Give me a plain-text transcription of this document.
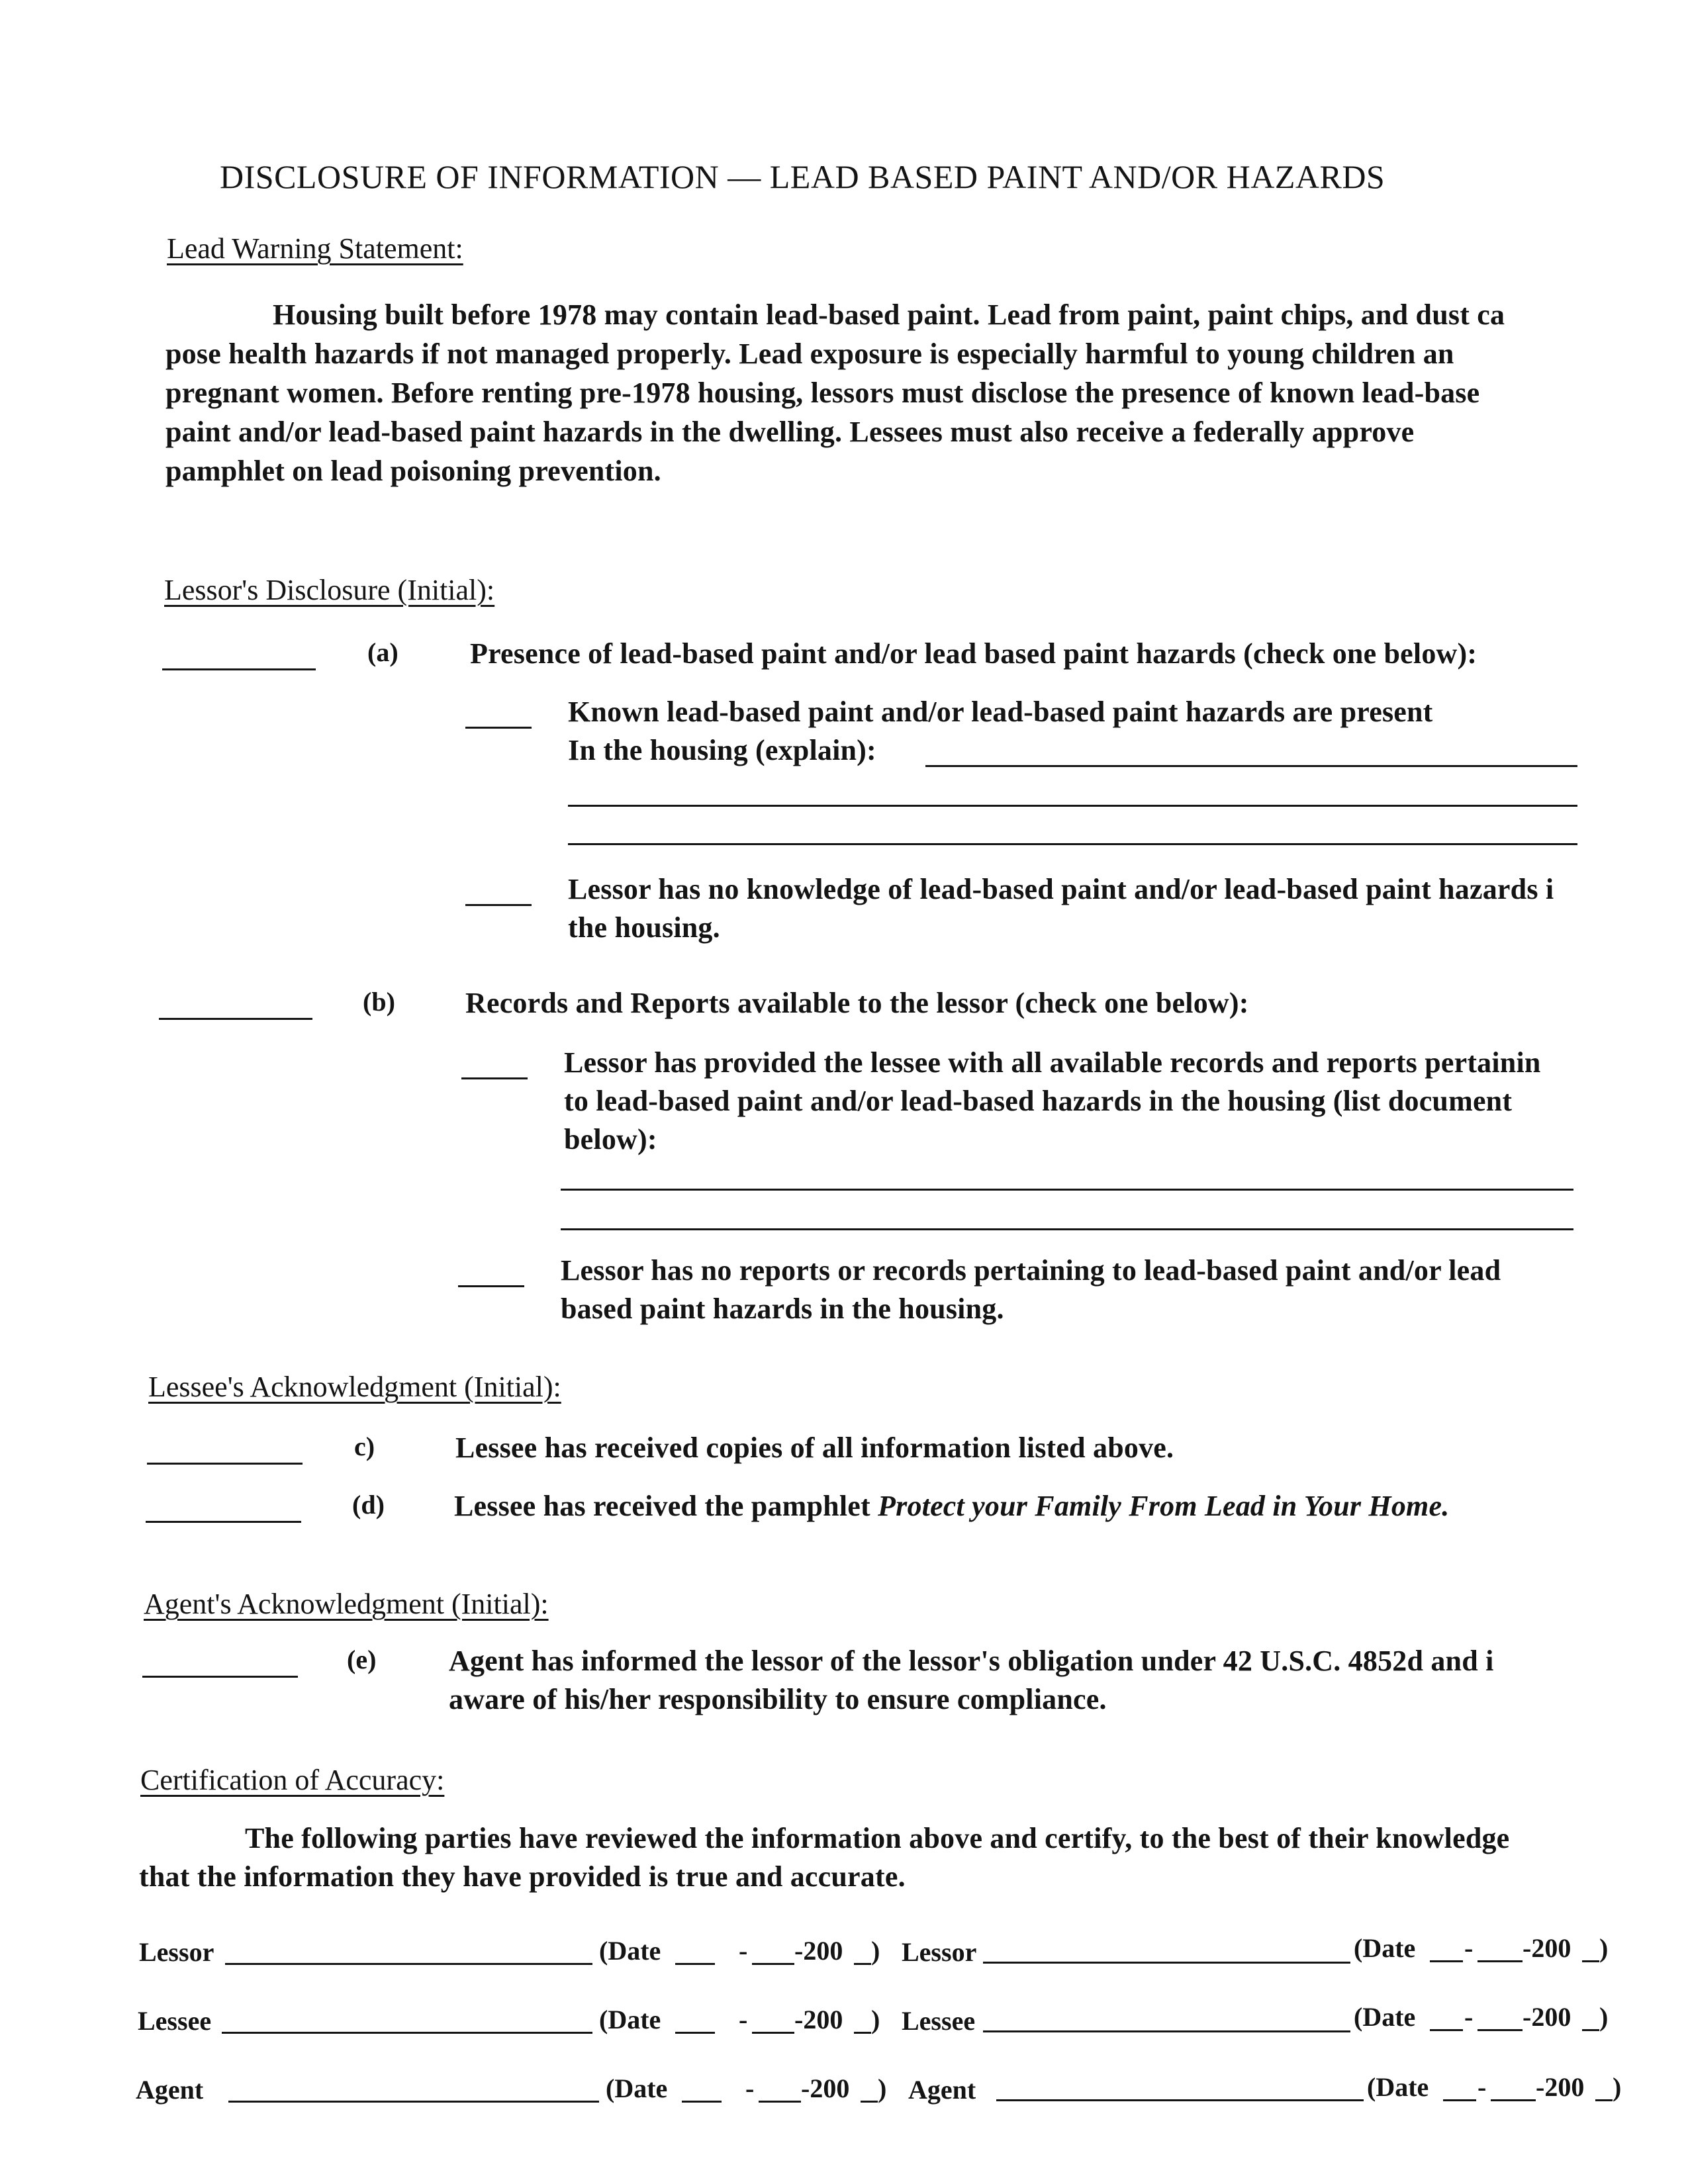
DISCLOSURE OF INFORMATION — LEAD BASED PAINT AND/OR HAZARDS
Lead Warning Statement:
Housing built before 1978 may contain lead-based paint. Lead from paint, paint chips, and dust ca
pose health hazards if not managed properly. Lead exposure is especially harmful to young children an
pregnant women. Before renting pre-1978 housing, lessors must disclose the presence of known lead-base
paint and/or lead-based paint hazards in the dwelling. Lessees must also receive a federally approve
pamphlet on lead poisoning prevention.
Lessor's Disclosure (Initial):
(a) Presence of lead-based paint and/or lead based paint hazards (check one below):
Known lead-based paint and/or lead-based paint hazards are present
In the housing (explain):
Lessor has no knowledge of lead-based paint and/or lead-based paint hazards i
the housing.
(b) Records and Reports available to the lessor (check one below):
Lessor has provided the lessee with all available records and reports pertainin
to lead-based paint and/or lead-based hazards in the housing (list document
below):
Lessor has no reports or records pertaining to lead-based paint and/or lead
based paint hazards in the housing.
Lessee's Acknowledgment (Initial):
c)	Lessee has received copies of all information listed above.
(d) Lessee has received the pamphlet Protect your Family From Lead in Your Home.
Agent's Acknowledgment (Initial):
(e) Agent has informed the lessor of the lessor's obligation under 42 U.S.C. 4852d and i
aware of his/her responsibility to ensure compliance.
Certification of Accuracy:
The following parties have reviewed the information above and certify, to the best of their knowledge
that the information they have provided is true and accurate.
Lessor	(Date	- -200 ) Lessor	(Date - -200 )
Lessee	(Date	- -200 ) Lessee	(Date - -200 )
Agent	(Date	- -200 ) Agent	(Date - -200 )
